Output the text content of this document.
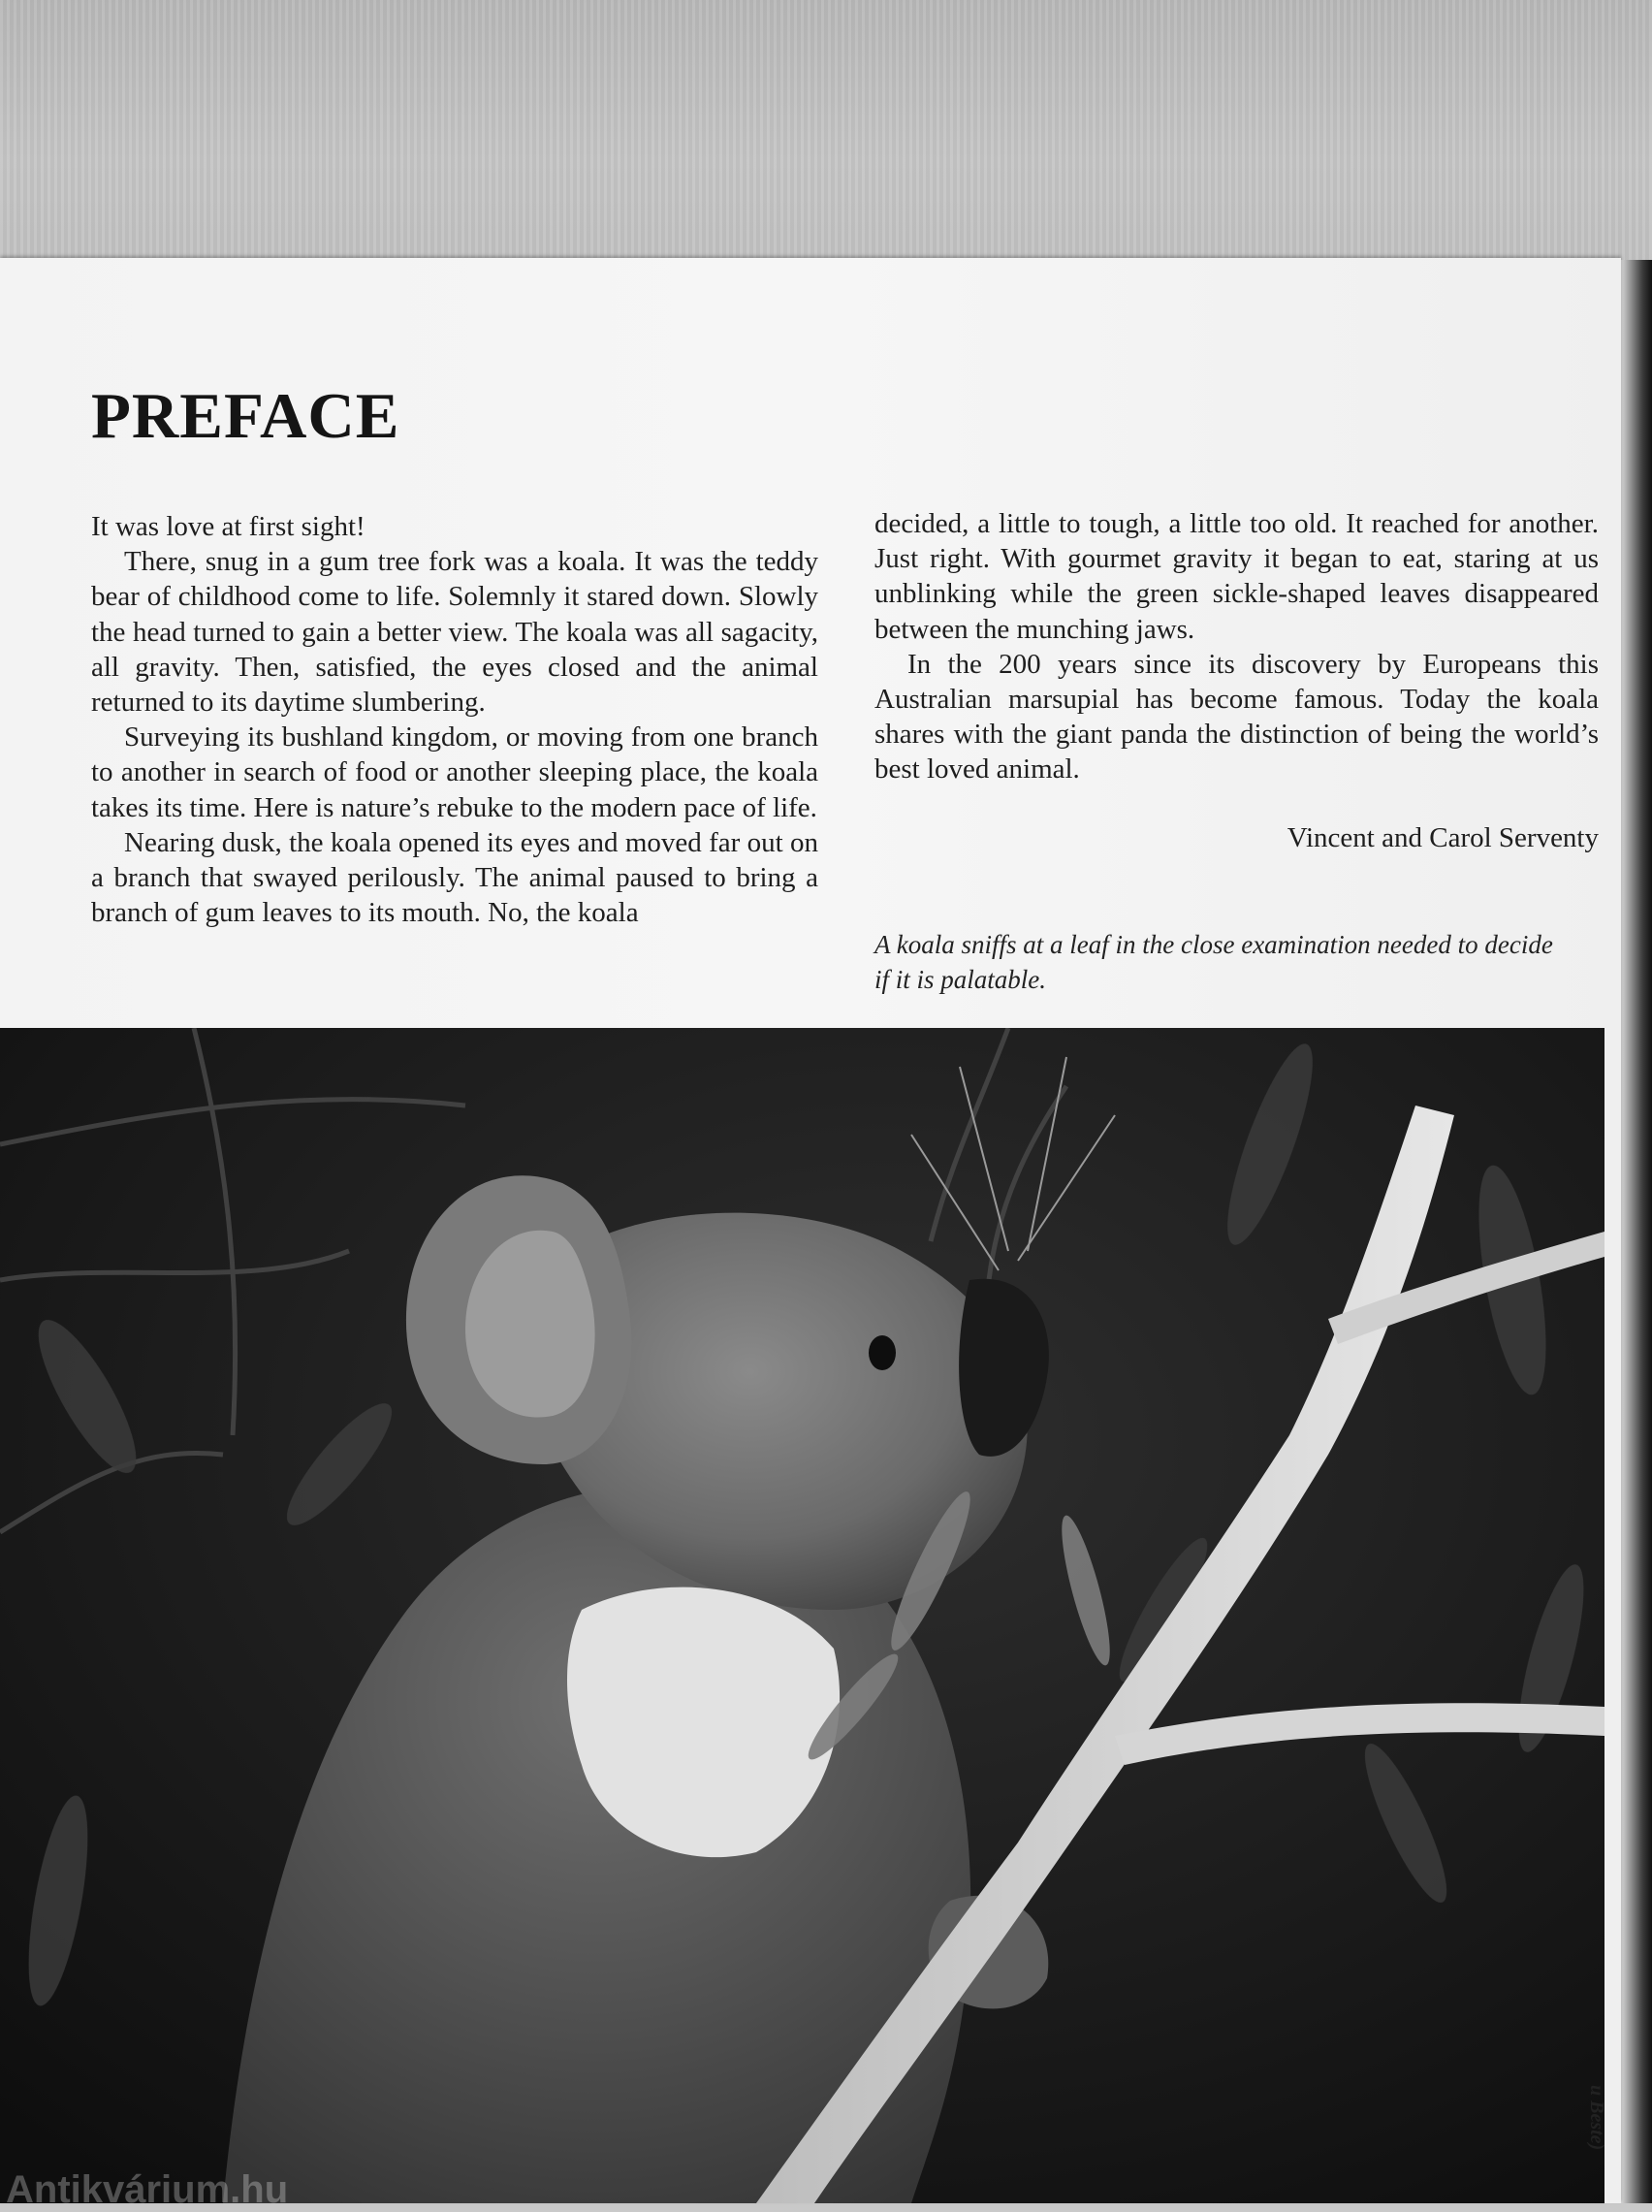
PREFACE

It was love at first sight!

There, snug in a gum tree fork was a koala. It was the teddy bear of childhood come to life. Solemnly it stared down. Slowly the head turned to gain a better view. The koala was all sagacity, all gravity. Then, satisfied, the eyes closed and the animal returned to its daytime slumbering.

Surveying its bushland kingdom, or moving from one branch to another in search of food or another sleeping place, the koala takes its time. Here is nature’s rebuke to the modern pace of life.

Nearing dusk, the koala opened its eyes and moved far out on a branch that swayed perilously. The animal paused to bring a branch of gum leaves to its mouth. No, the koala

decided, a little to tough, a little too old. It reached for another. Just right. With gourmet gravity it began to eat, staring at us unblinking while the green sickle-shaped leaves disappeared between the munching jaws.

In the 200 years since its discovery by Europeans this Australian marsupial has become famous. Today the koala shares with the giant panda the distinction of being the world’s best loved animal.

Vincent and Carol Serventy
A koala sniffs at a leaf in the close examination needed to decide if it is palatable.
u Beste)
Antikvárium.hu
